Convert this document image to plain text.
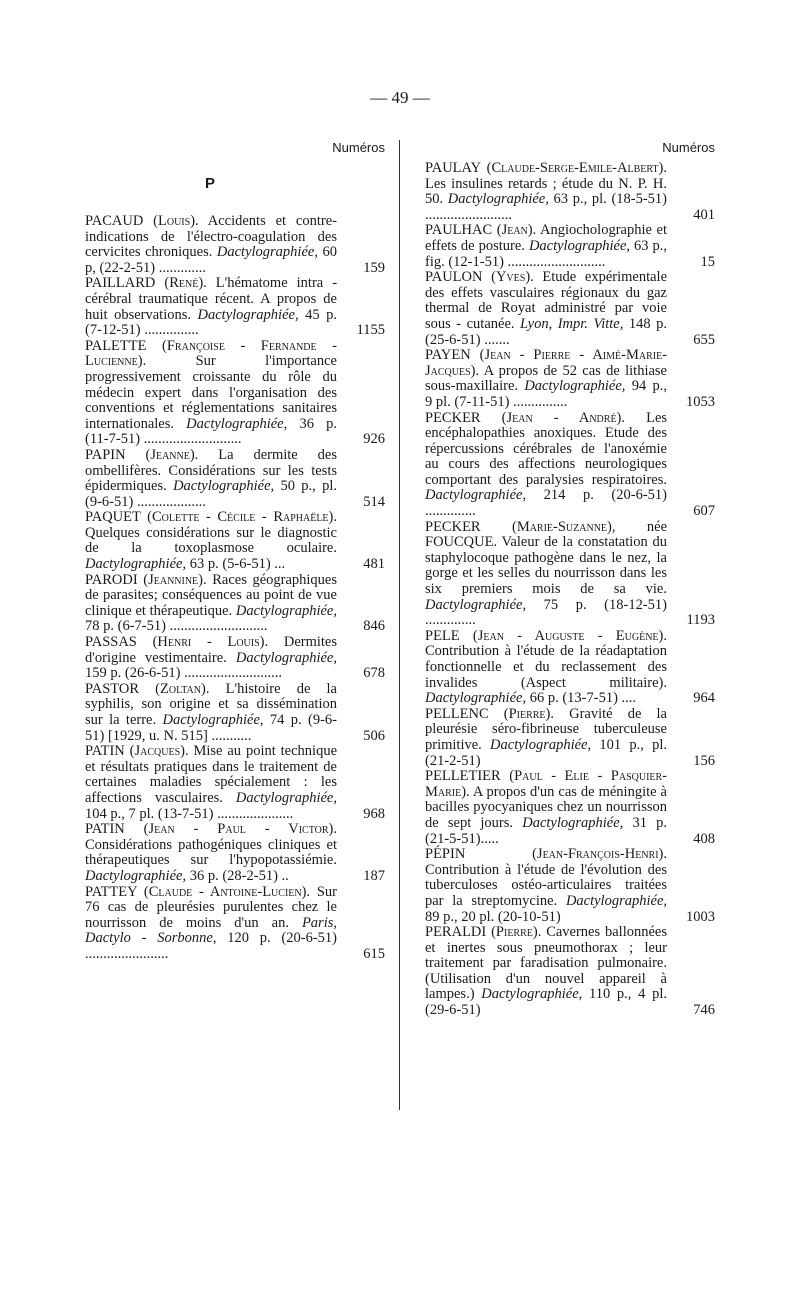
— 49 —
Numéros
P
PACAUD (Louis). Accidents et contre-indications de l'électro-coagulation des cervicites chroniques. Dactylographiée, 60 p, (22-2-51) .............	159
PAILLARD (René). L'hématome intra - cérébral traumatique récent. A propos de huit observations. Dactylographiée, 45 p. (7-12-51) ...............	1155
PALETTE (Françoise - Fernande - Lucienne).	Sur l'importance progressivement croissante du rôle du médecin expert dans l'organisation des conventions et réglementations sanitaires internationales. Dactylographiée, 36 p. (11-7-51) ...........................	926
PAPIN (Jeanne). La dermite des ombellifères. Considérations sur les tests épidermiques. Dactylographiée, 50 p., pl. (9-6-51) ...................	514
PAQUET (Colette - Cécile - Raphaële). Quelques considérations sur le diagnostic de la toxoplasmose oculaire. Dactylographiée, 63 p. (5-6-51) ...	481
PARODI (Jeannine). Races géographiques de parasites; conséquences au point de vue clinique et thérapeutique. Dactylographiée, 78 p. (6-7-51) ...........................	846
PASSAS (Henri - Louis). Dermites d'origine vestimentaire. Dactylographiée, 159 p. (26-6-51) ...........................	678
PASTOR (Zoltan). L'histoire de la syphilis, son origine et sa dissémination sur la terre. Dactylographiée, 74 p. (9-6-51) [1929, u. N. 515] ...........	506
PATIN (Jacques). Mise au point technique et résultats pratiques dans le traitement de certaines maladies spécialement : les affections vasculaires. Dactylographiée, 104 p., 7 pl. (13-7-51) .....................	968
PATIN (Jean - Paul - Victor). Considérations pathogéniques cliniques et thérapeutiques sur l'hypopotassiémie. Dactylographiée, 36 p. (28-2-51) ..	187
PATTEY (Claude - Antoine-Lucien). Sur 76 cas de pleurésies purulentes chez le nourrisson de moins d'un an. Paris, Dactylo - Sorbonne, 120 p. (20-6-51) .......................	615
Numéros
PAULAY (Claude-Serge-Emile-Albert). Les insulines retards ; étude du N. P. H. 50. Dactylographiée, 63 p., pl. (18-5-51) ........................	401
PAULHAC (Jean). Angiocholographie et effets de posture. Dactylographiée, 63 p., fig. (12-1-51) ...........................	15
PAULON (Yves). Etude expérimentale des effets vasculaires régionaux du gaz thermal de Royat administré par voie sous - cutanée. Lyon, Impr. Vitte, 148 p. (25-6-51) .......	655
PAYEN (Jean - Pierre - Aimé-Marie-Jacques). A propos de 52 cas de lithiase sous-maxillaire. Dactylographiée, 94 p., 9 pl. (7-11-51) ...............	1053
PECKER (Jean - André). Les encéphalopathies anoxiques. Etude des répercussions cérébrales de l'anoxémie au cours des affections neurologiques comportant des paralysies respiratoires. Dactylographiée, 214 p. (20-6-51) ..............	607
PECKER (Marie-Suzanne), née FOUCQUE. Valeur de la constatation du staphylocoque pathogène dans le nez, la gorge et les selles du nourrisson dans les six premiers mois de sa vie. Dactylographiée, 75 p. (18-12-51) ..............	1193
PELE (Jean - Auguste - Eugène). Contribution à l'étude de la réadaptation fonctionnelle et du reclassement des invalides (Aspect militaire). Dactylographiée, 66 p. (13-7-51) ....	964
PELLENC (Pierre). Gravité de la pleurésie séro-fibrineuse tuberculeuse primitive. Dactylographiée, 101 p., pl. (21-2-51)	156
PELLETIER (Paul - Elie - Pasquier-Marie). A propos d'un cas de méningite à bacilles pyocyaniques chez un nourrisson de sept jours. Dactylographiée, 31 p. (21-5-51).....	408
PÉPIN	(Jean-François-Henri). Contribution à l'étude de l'évolution des tuberculoses ostéo-articulaires traitées par la streptomycine. Dactylographiée, 89 p., 20 pl. (20-10-51)	1003
PERALDI (Pierre). Cavernes ballonnées et inertes sous pneumothorax ; leur traitement par faradisation pulmonaire. (Utilisation d'un nouvel appareil à lampes.) Dactylographiée, 110 p., 4 pl. (29-6-51)	746
